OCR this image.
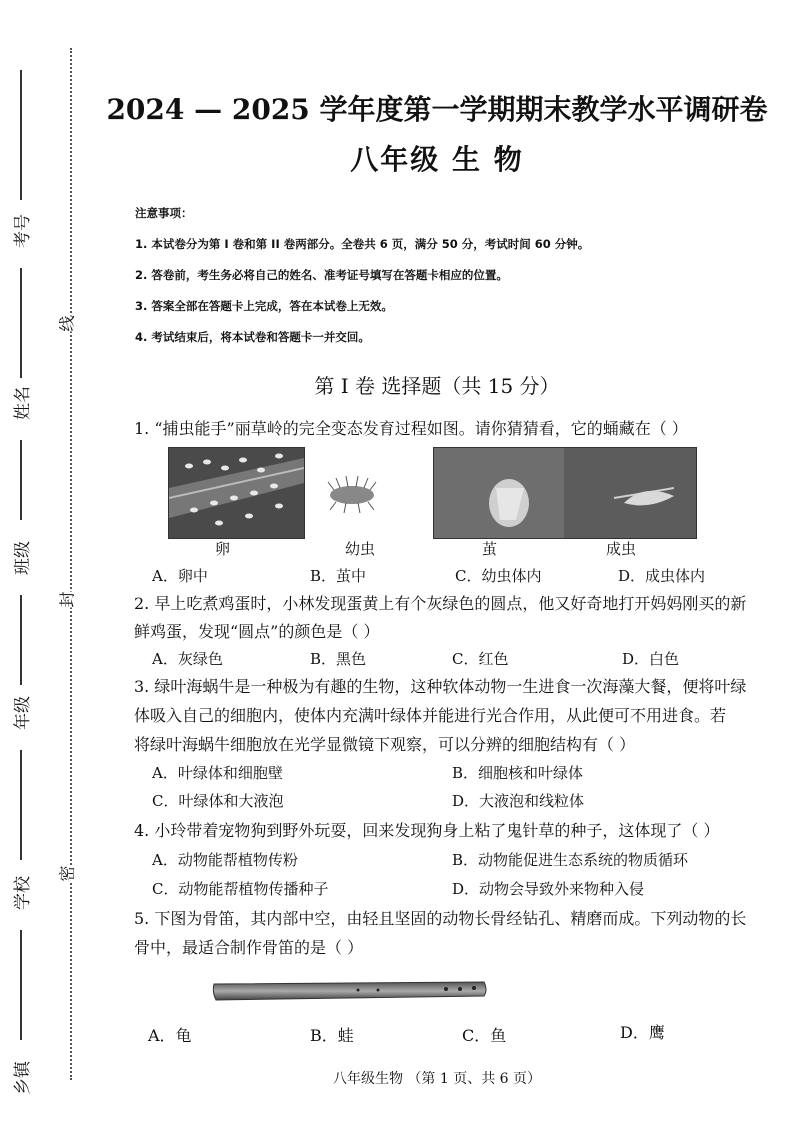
考号
姓名
班级
年级
学校
乡镇
线
封
密
2024 — 2025 学年度第一学期期末教学水平调研卷
八年级 生 物
注意事项：
1. 本试卷分为第 I 卷和第 II 卷两部分。全卷共 6 页，满分 50 分，考试时间 60 分钟。
2. 答卷前，考生务必将自己的姓名、准考证号填写在答题卡相应的位置。
3. 答案全部在答题卡上完成，答在本试卷上无效。
4. 考试结束后，将本试卷和答题卡一并交回。
第 I 卷 选择题（共 15 分）
1. “捕虫能手”丽草岭的完全变态发育过程如图。请你猜猜看，它的蛹藏在（ ）
卵	幼虫	茧	成虫
A．卵中	B．茧中	C．幼虫体内	D．成虫体内
2. 早上吃煮鸡蛋时，小林发现蛋黄上有个灰绿色的圆点，他又好奇地打开妈妈刚买的新
鲜鸡蛋，发现“圆点”的颜色是（ ）
A．灰绿色	B．黑色	C．红色	D．白色
3. 绿叶海蜗牛是一种极为有趣的生物，这种软体动物一生进食一次海藻大餐，便将叶绿
体吸入自己的细胞内，使体内充满叶绿体并能进行光合作用，从此便可不用进食。若
将绿叶海蜗牛细胞放在光学显微镜下观察，可以分辨的细胞结构有（ ）
A．叶绿体和细胞壁	B．细胞核和叶绿体
C．叶绿体和大液泡	D．大液泡和线粒体
4. 小玲带着宠物狗到野外玩耍，回来发现狗身上粘了鬼针草的种子，这体现了（ ）
A．动物能帮植物传粉	B．动物能促进生态系统的物质循环
C．动物能帮植物传播种子	D．动物会导致外来物种入侵
5. 下图为骨笛，其内部中空，由轻且坚固的动物长骨经钻孔、精磨而成。下列动物的长
骨中，最适合制作骨笛的是（ ）
A．龟	B．蛙	C．鱼	D．鹰
八年级生物 （第 1 页、共 6 页）
